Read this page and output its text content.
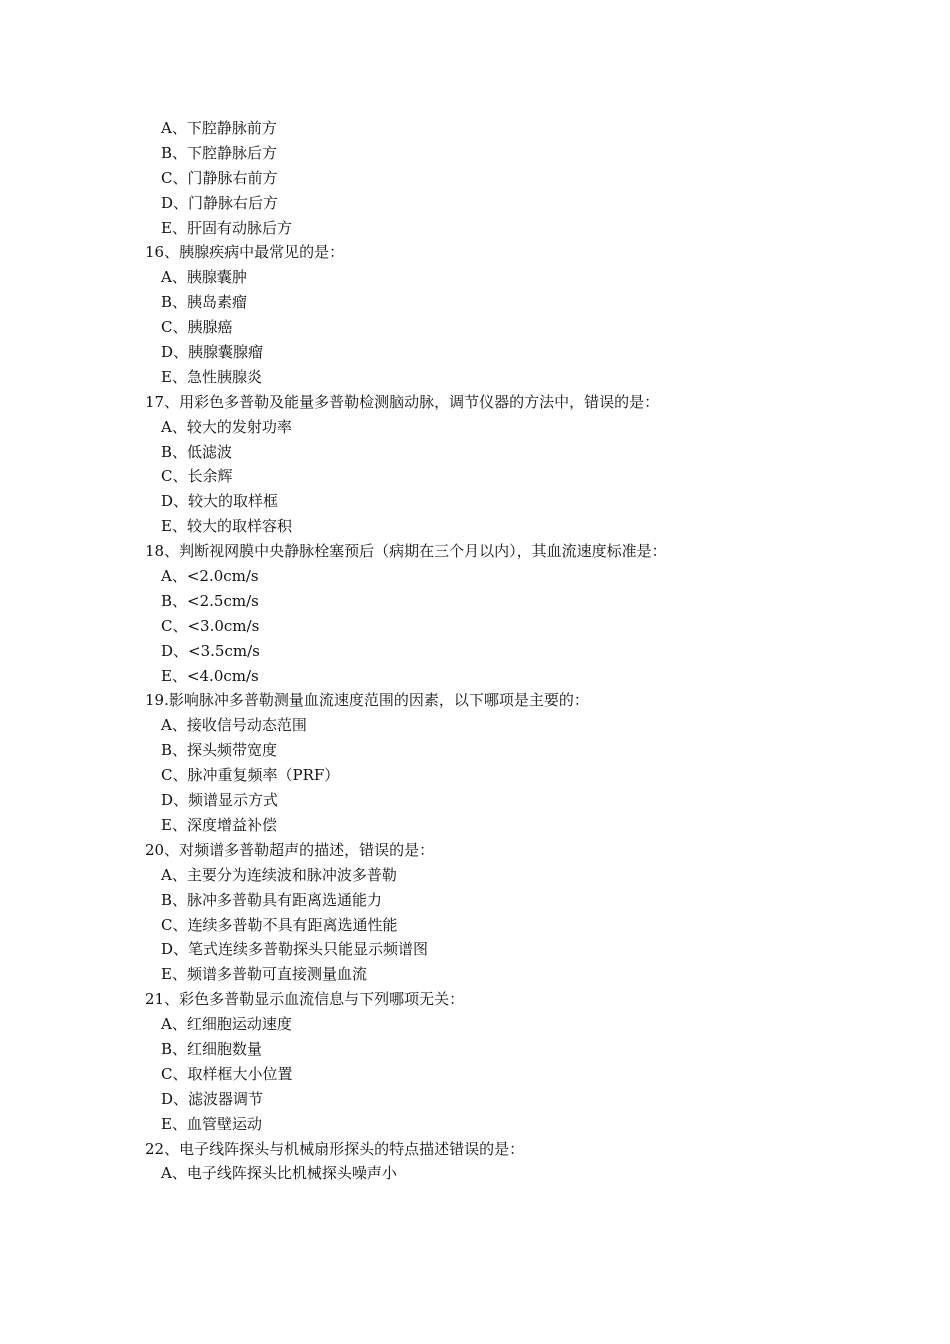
A、下腔静脉前方
B、下腔静脉后方
C、门静脉右前方
D、门静脉右后方
E、肝固有动脉后方
16、胰腺疾病中最常见的是：
A、胰腺囊肿
B、胰岛素瘤
C、胰腺癌
D、胰腺囊腺瘤
E、急性胰腺炎
17、用彩色多普勒及能量多普勒检测脑动脉，调节仪器的方法中，错误的是：
A、较大的发射功率
B、低滤波
C、长余辉
D、较大的取样框
E、较大的取样容积
18、判断视网膜中央静脉栓塞预后（病期在三个月以内），其血流速度标准是：
A、<2.0cm/s
B、<2.5cm/s
C、<3.0cm/s
D、<3.5cm/s
E、<4.0cm/s
19.影响脉冲多普勒测量血流速度范围的因素，以下哪项是主要的：
A、接收信号动态范围
B、探头频带宽度
C、脉冲重复频率（PRF）
D、频谱显示方式
E、深度增益补偿
20、对频谱多普勒超声的描述，错误的是：
A、主要分为连续波和脉冲波多普勒
B、脉冲多普勒具有距离选通能力
C、连续多普勒不具有距离选通性能
D、笔式连续多普勒探头只能显示频谱图
E、频谱多普勒可直接测量血流
21、彩色多普勒显示血流信息与下列哪项无关：
A、红细胞运动速度
B、红细胞数量
C、取样框大小位置
D、滤波器调节
E、血管壁运动
22、电子线阵探头与机械扇形探头的特点描述错误的是：
A、电子线阵探头比机械探头噪声小
